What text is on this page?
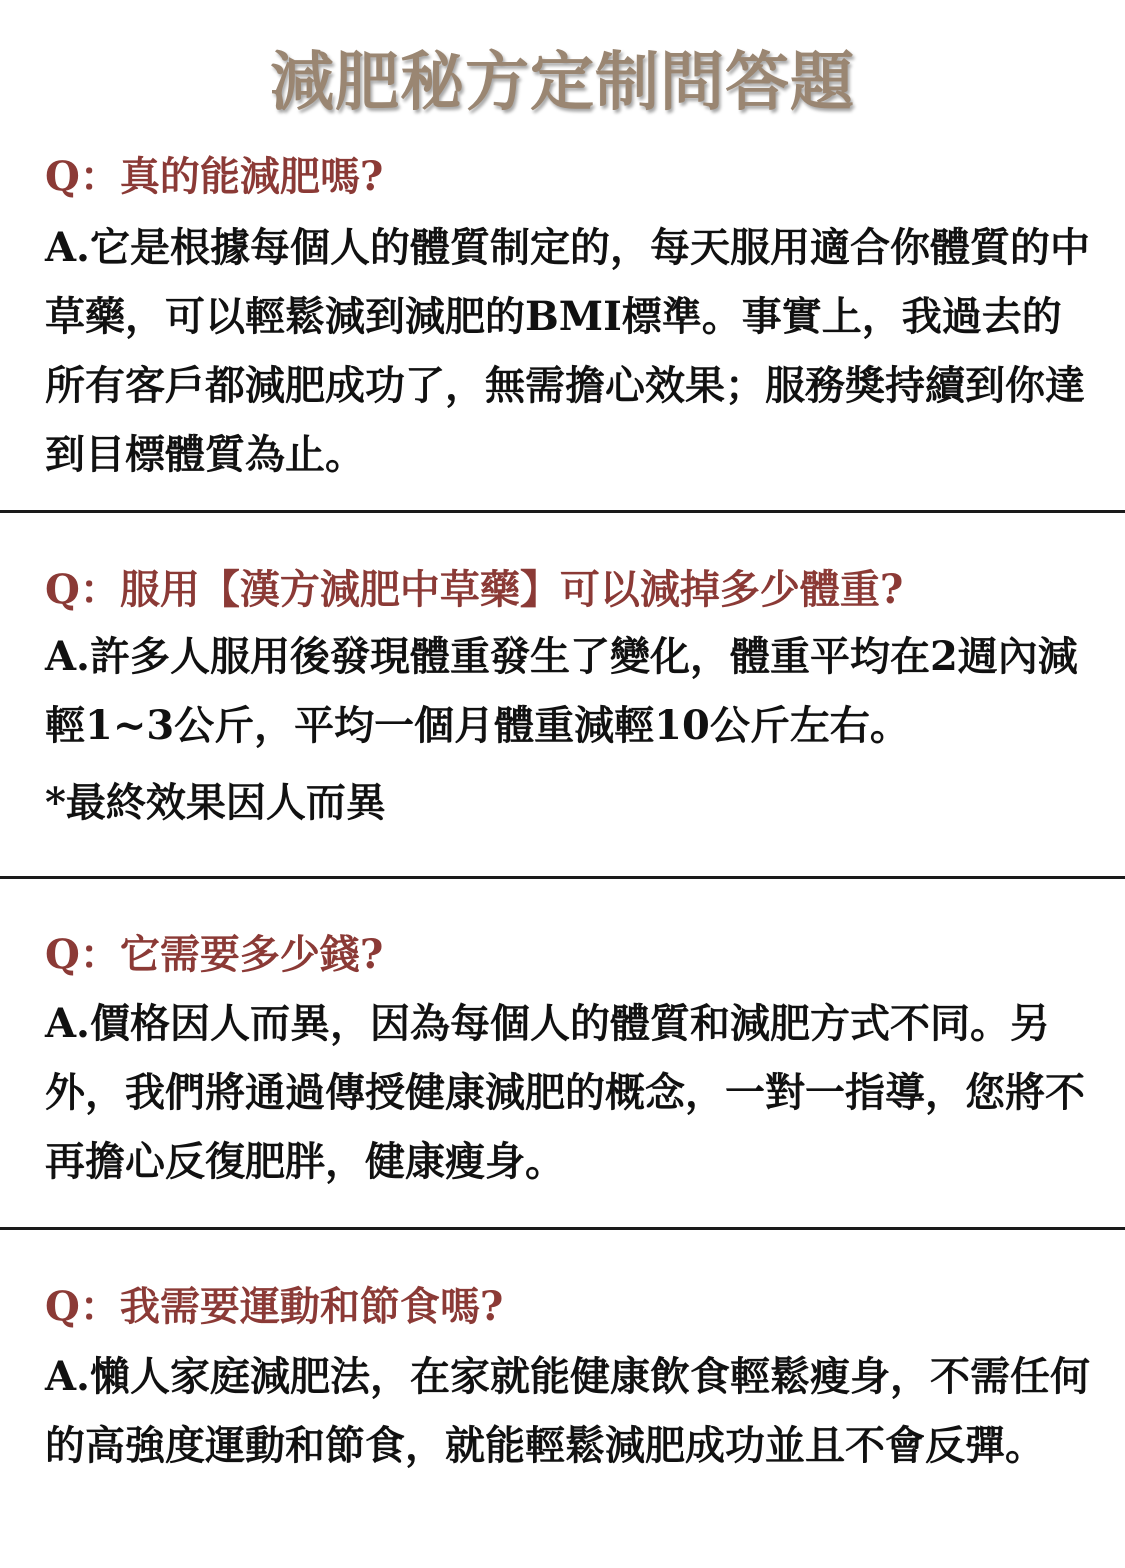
減肥秘方定制問答題
Q：真的能減肥嗎?
A.它是根據每個人的體質制定的，每天服用適合你體質的中草藥，可以輕鬆減到減肥的BMI標準。事實上，我過去的所有客戶都減肥成功了，無需擔心效果；服務獎持續到你達到目標體質為止。
Q：服用【漢方減肥中草藥】可以減掉多少體重?
A.許多人服用後發現體重發生了變化，體重平均在2週內減輕1~3公斤，平均一個月體重減輕10公斤左右。
*最終效果因人而異
Q：它需要多少錢?
A.價格因人而異，因為每個人的體質和減肥方式不同。另外，我們將通過傳授健康減肥的概念，一對一指導，您將不再擔心反復肥胖，健康瘦身。
Q：我需要運動和節食嗎?
A.懶人家庭減肥法，在家就能健康飲食輕鬆瘦身，不需任何的高強度運動和節食，就能輕鬆減肥成功並且不會反彈。
